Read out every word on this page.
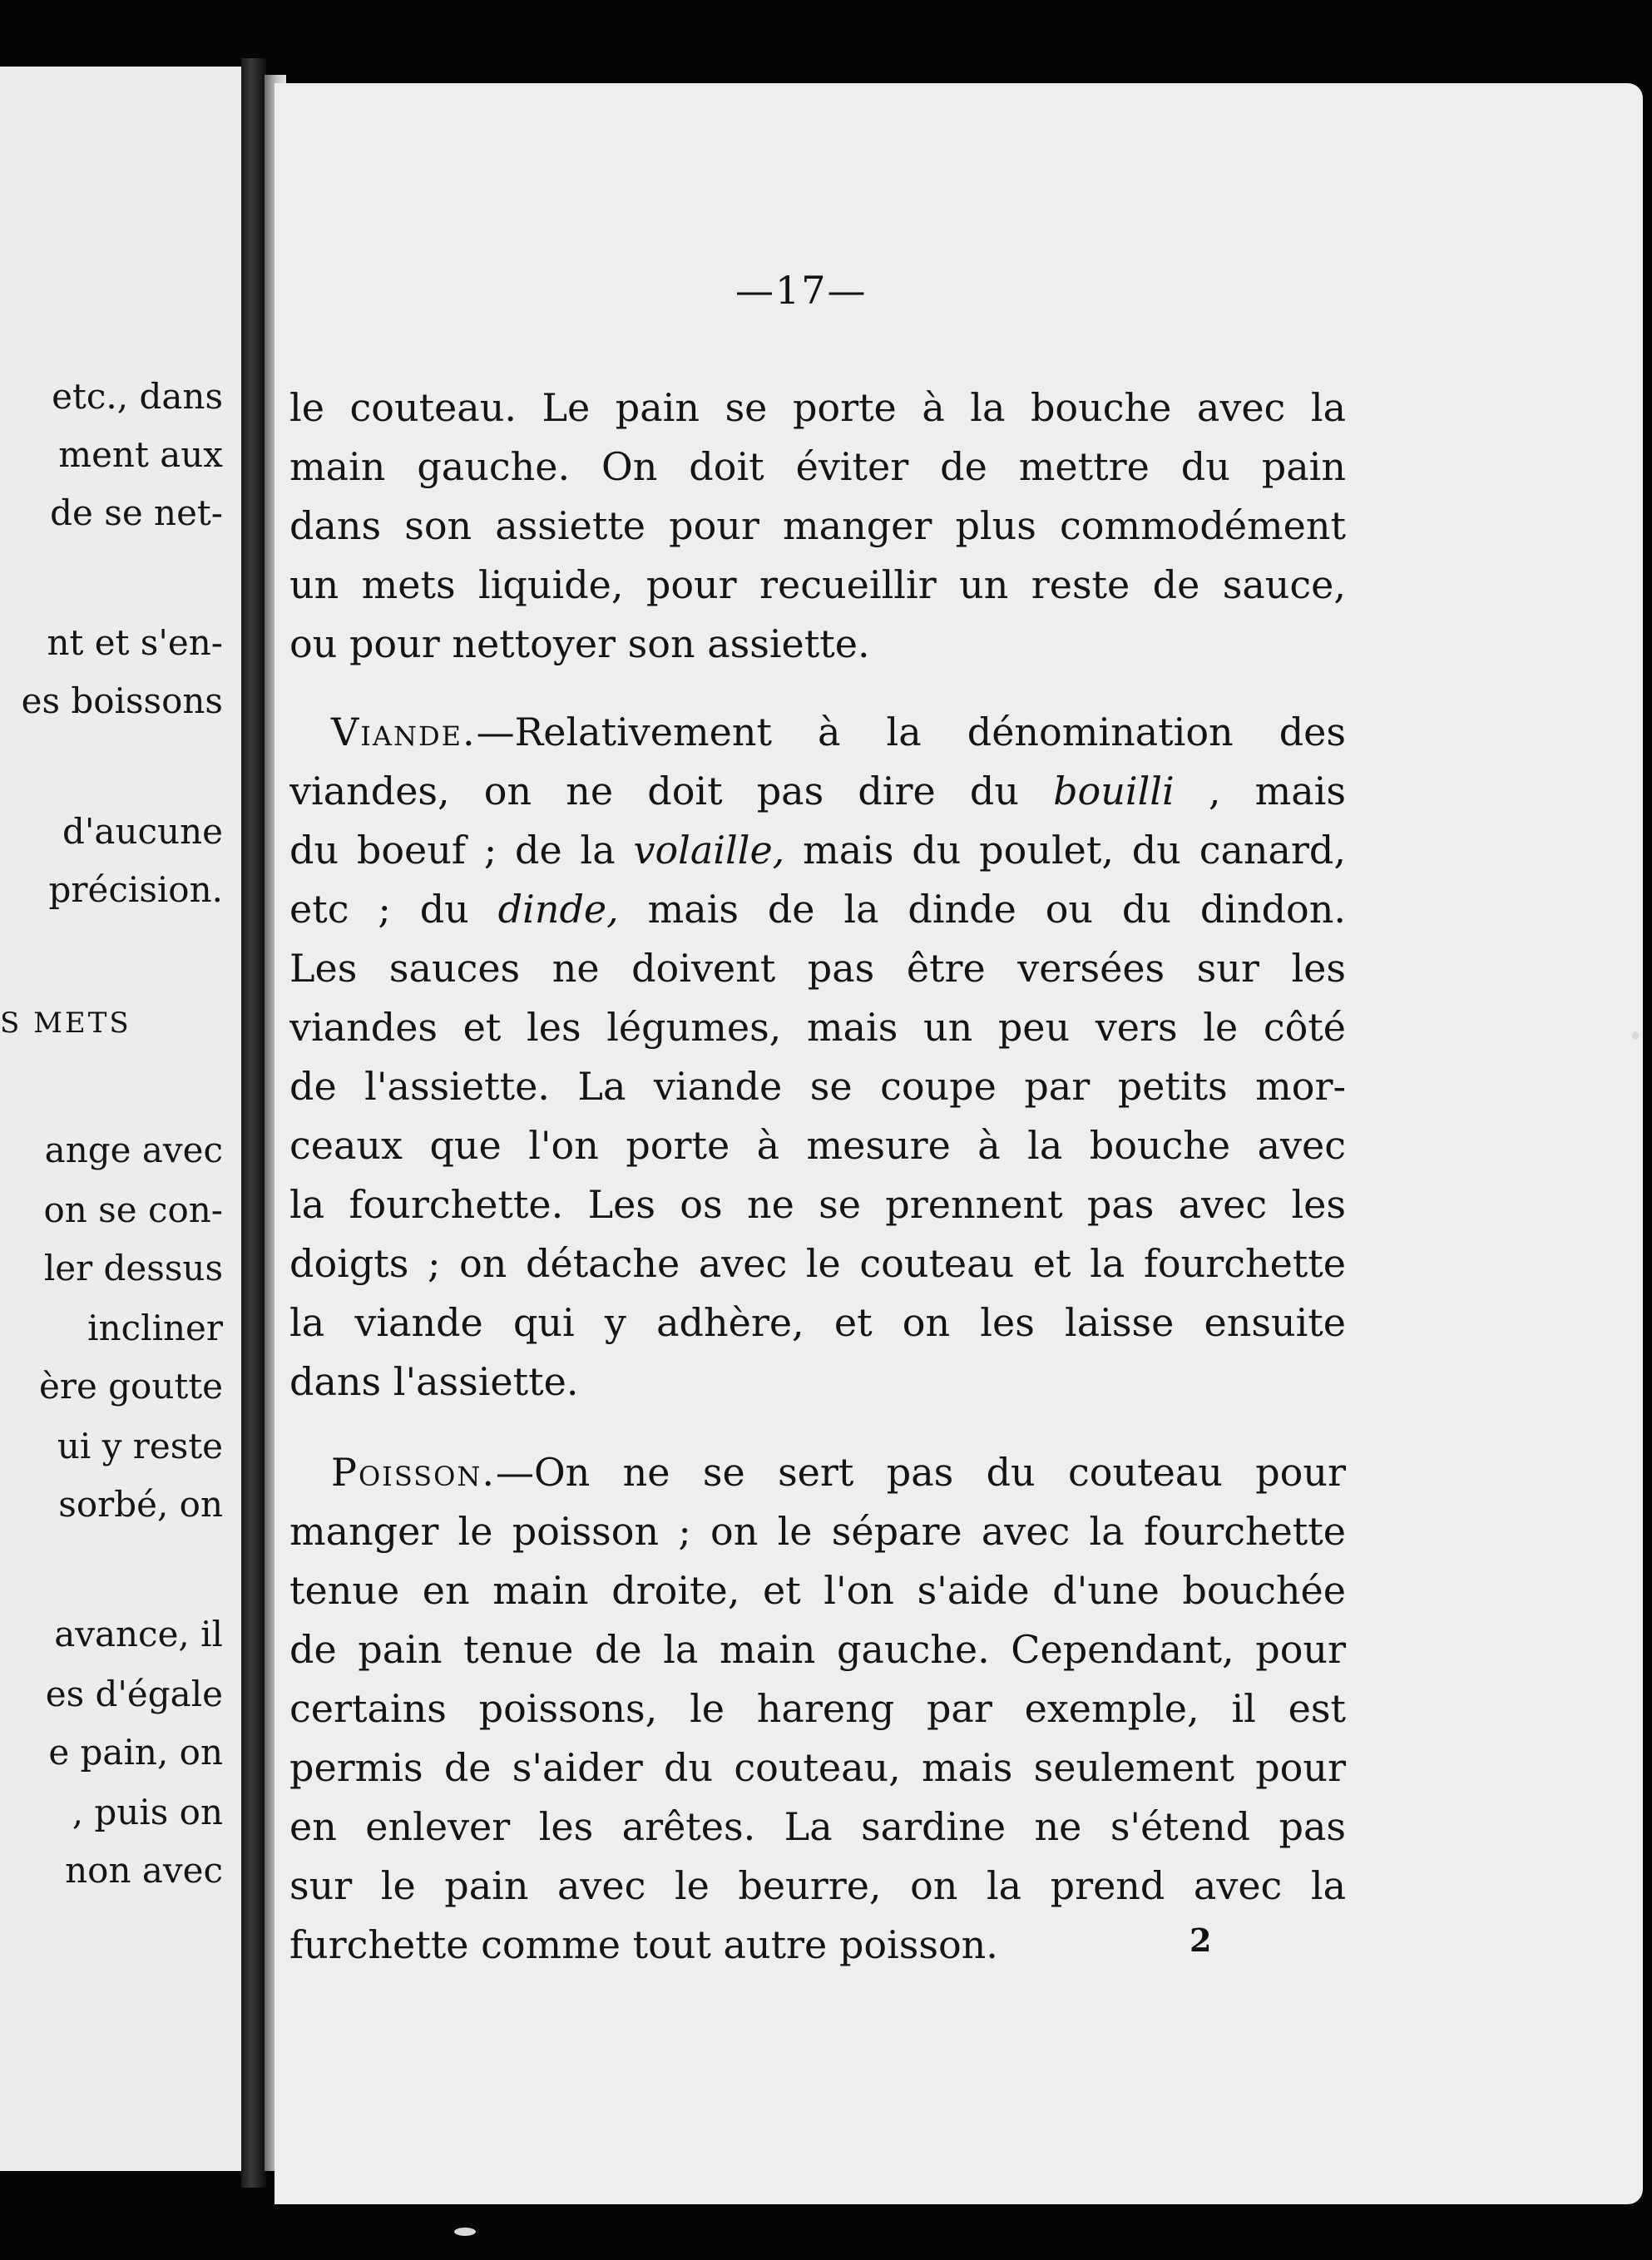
etc., dans
ment aux
de se net-
nt et s'en-
es boissons
d'aucune
précision.
S METS
ange avec
on se con-
ler dessus
incliner
ère goutte
ui y reste
sorbé, on
avance, il
es d'égale
e pain, on
, puis on
non avec
—17—
le couteau. Le pain se porte à la bouche avec la
main gauche. On doit éviter de mettre du pain
dans son assiette pour manger plus commodément
un mets liquide, pour recueillir un reste de sauce,
ou pour nettoyer son assiette.
Viande.—Relativement à la dénomination des
viandes, on ne doit pas dire du bouilli , mais
du boeuf ; de la volaille, mais du poulet, du canard,
etc ; du dinde, mais de la dinde ou du dindon.
Les sauces ne doivent pas être versées sur les
viandes et les légumes, mais un peu vers le côté
de l'assiette. La viande se coupe par petits mor-
ceaux que l'on porte à mesure à la bouche avec
la fourchette. Les os ne se prennent pas avec les
doigts ; on détache avec le couteau et la fourchette
la viande qui y adhère, et on les laisse ensuite
dans l'assiette.
Poisson.—On ne se sert pas du couteau pour
manger le poisson ; on le sépare avec la fourchette
tenue en main droite, et l'on s'aide d'une bouchée
de pain tenue de la main gauche. Cependant, pour
certains poissons, le hareng par exemple, il est
permis de s'aider du couteau, mais seulement pour
en enlever les arêtes. La sardine ne s'étend pas
sur le pain avec le beurre, on la prend avec la
furchette comme tout autre poisson.	2
